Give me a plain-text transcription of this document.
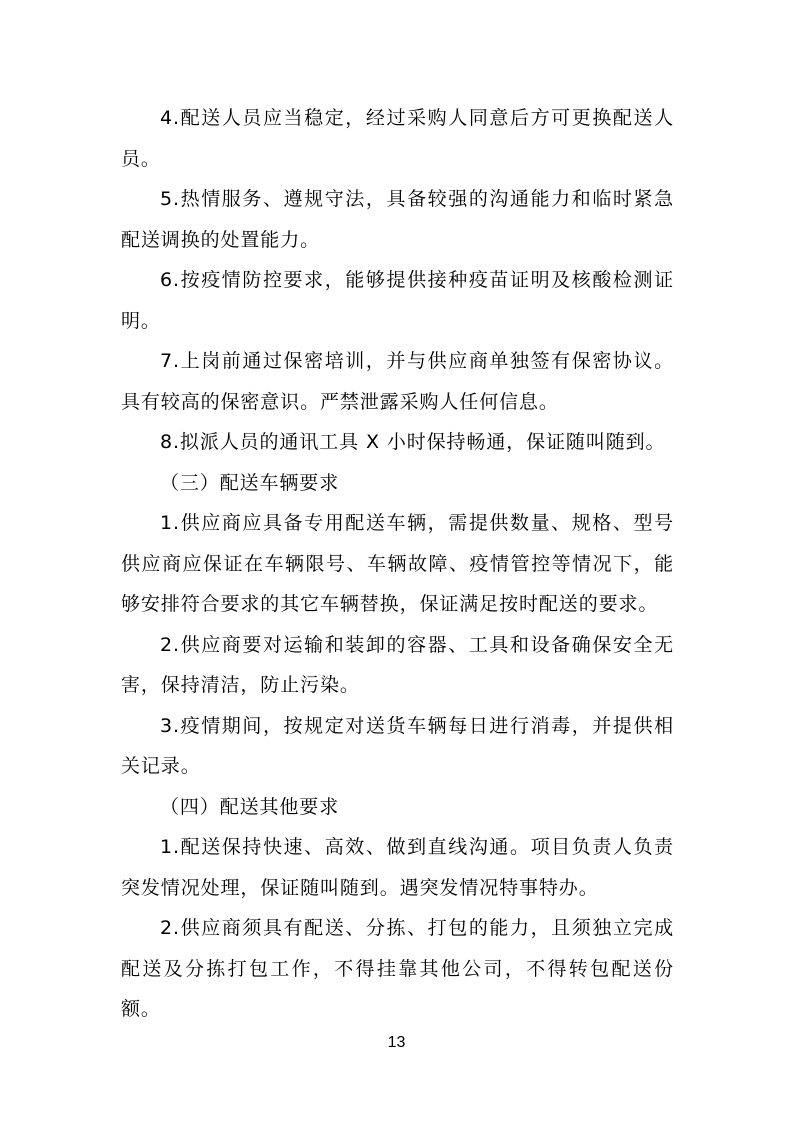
4.配送人员应当稳定，经过采购人同意后方可更换配送人员。

5.热情服务、遵规守法，具备较强的沟通能力和临时紧急配送调换的处置能力。

6.按疫情防控要求，能够提供接种疫苗证明及核酸检测证明。

7.上岗前通过保密培训，并与供应商单独签有保密协议。具有较高的保密意识。严禁泄露采购人任何信息。

8.拟派人员的通讯工具 X 小时保持畅通，保证随叫随到。

（三）配送车辆要求

1.供应商应具备专用配送车辆，需提供数量、规格、型号供应商应保证在车辆限号、车辆故障、疫情管控等情况下，能够安排符合要求的其它车辆替换，保证满足按时配送的要求。

2.供应商要对运输和装卸的容器、工具和设备确保安全无害，保持清洁，防止污染。

3.疫情期间，按规定对送货车辆每日进行消毒，并提供相关记录。

（四）配送其他要求

1.配送保持快速、高效、做到直线沟通。项目负责人负责突发情况处理，保证随叫随到。遇突发情况特事特办。

2.供应商须具有配送、分拣、打包的能力，且须独立完成配送及分拣打包工作，不得挂靠其他公司，不得转包配送份额。

13
